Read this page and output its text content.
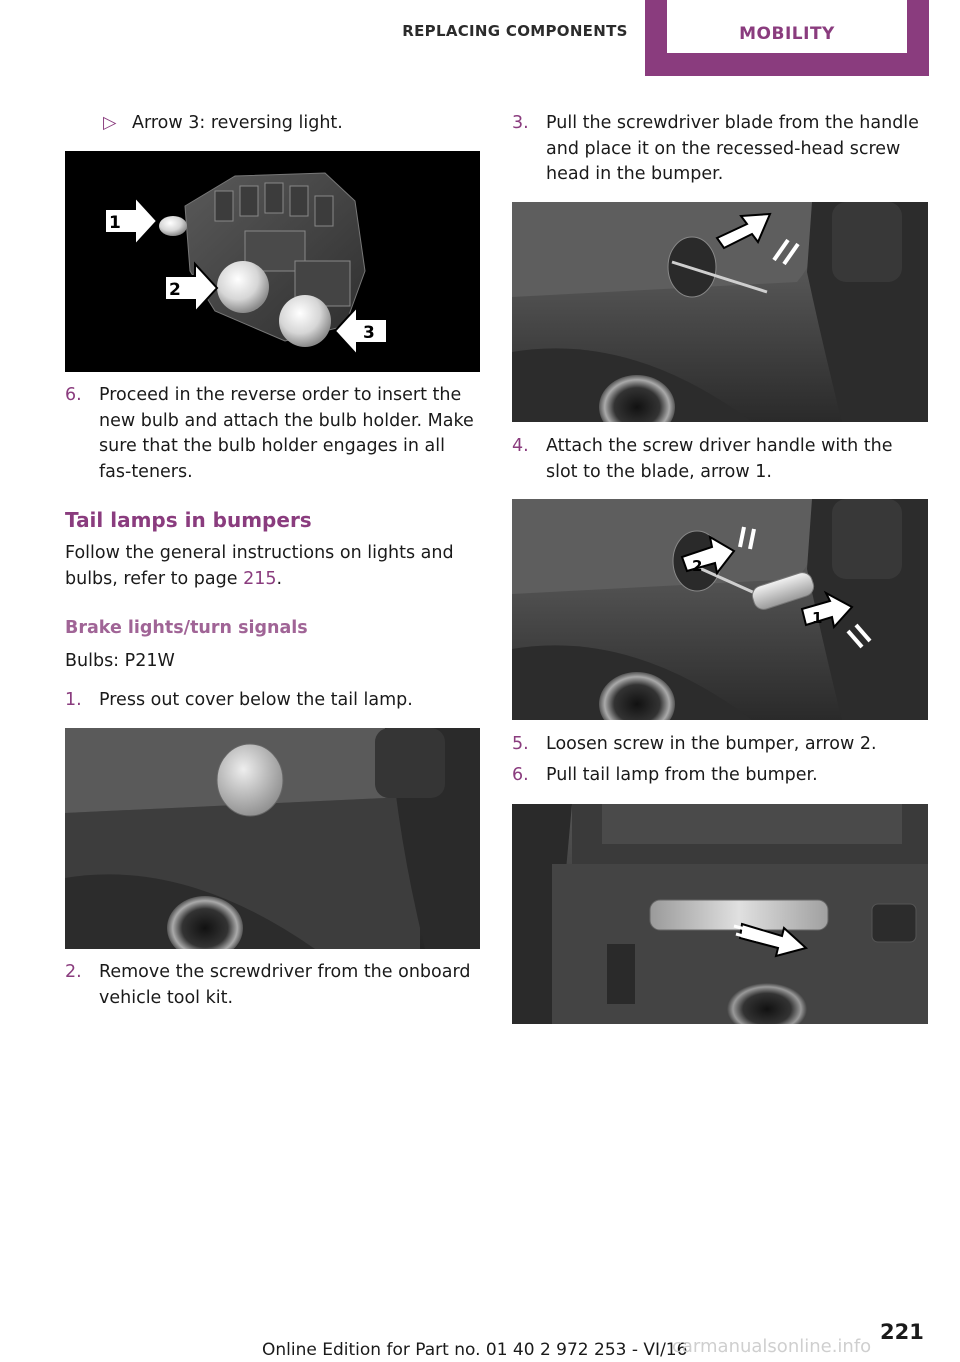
REPLACING COMPONENTS	MOBILITY
▷ Arrow 3: reversing light.
1
2
3
6. Proceed in the reverse order to insert the new bulb and attach the bulb holder. Make sure that the bulb holder engages in all fas‐teners.
Tail lamps in bumpers
Follow the general instructions on lights and bulbs, refer to page 215.
Brake lights/turn signals
Bulbs: P21W
1. Press out cover below the tail lamp.
2. Remove the screwdriver from the onboard vehicle tool kit.
3. Pull the screwdriver blade from the handle and place it on the recessed-head screw head in the bumper.
4. Attach the screw driver handle with the slot to the blade, arrow 1.
2
1
5. Loosen screw in the bumper, arrow 2.
6. Pull tail lamp from the bumper.
221
Online Edition for Part no. 01 40 2 972 253 - VI/16
carmanualsonline.info
